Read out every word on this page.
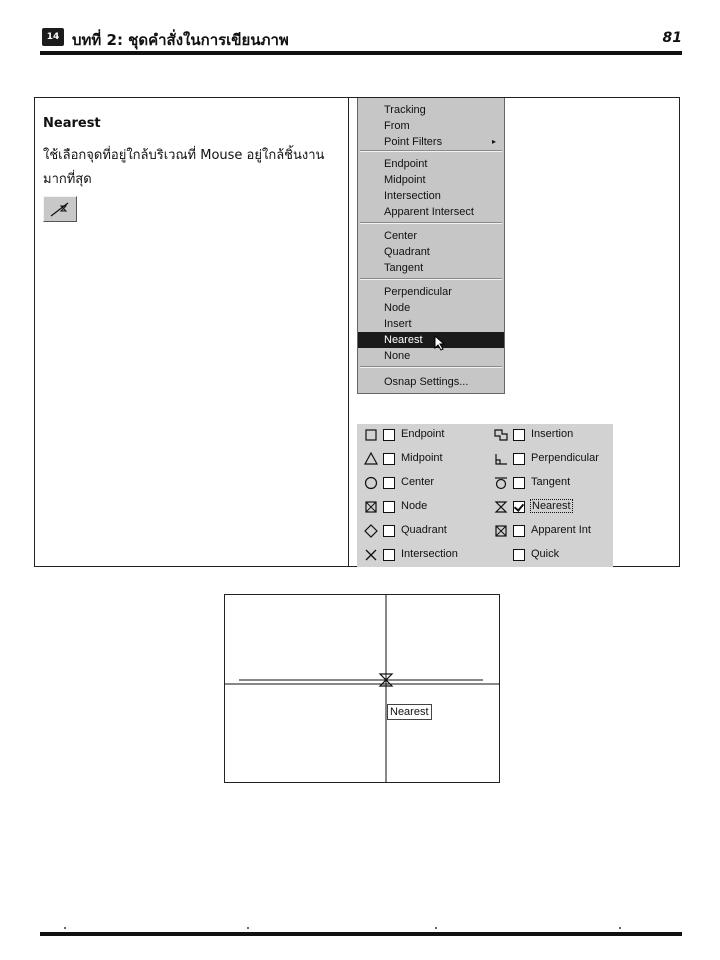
14 บทที่ 2: ชุดคำสั่งในการเขียนภาพ	81
Nearest
ใช้เลือกจุดที่อยู่ใกล้บริเวณที่ Mouse อยู่ใกล้ชิ้นงานมากที่สุด
Tracking
From
Point Filters	▸
Endpoint
Midpoint
Intersection
Apparent Intersect
Center
Quadrant
Tangent
Perpendicular
Node
Insert
Nearest
None
Osnap Settings...
Endpoint
Midpoint
Center
Node
Quadrant
Intersection
Insertion
Perpendicular
Tangent
Nearest
Apparent Int
Quick
Nearest
